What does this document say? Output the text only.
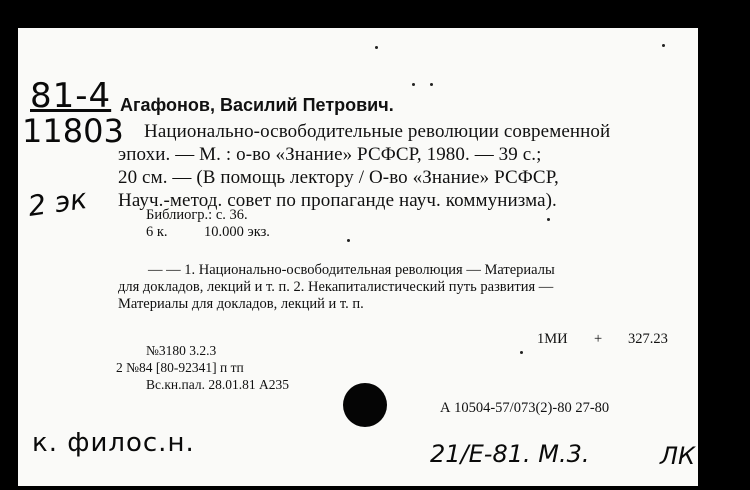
81-4
11803
2 эк
Агафонов, Василий Петрович.
Национально-освободительные революции современной
эпохи. — М. : о-во «Знание» РСФСР, 1980. — 39 с.;
20 см. — (В помощь лектору / О-во «Знание» РСФСР,
Науч.-метод. совет по пропаганде науч. коммунизма).
Библиогр.: с. 36.
6 к.	10.000 экз.
— — 1. Национально-освободительная революция — Материалы
для докладов, лекций и т. п. 2. Некапиталистический путь развития —
Материалы для докладов, лекций и т. п.
1МИ + 327.23
№3180 3.2.3
2 №84 [80-92341] п тп
Вс.кн.пал. 28.01.81 А235
А 10504-57/073(2)-80 27-80
к. филос.н.	21/Е-81. М.3.	ЛК
